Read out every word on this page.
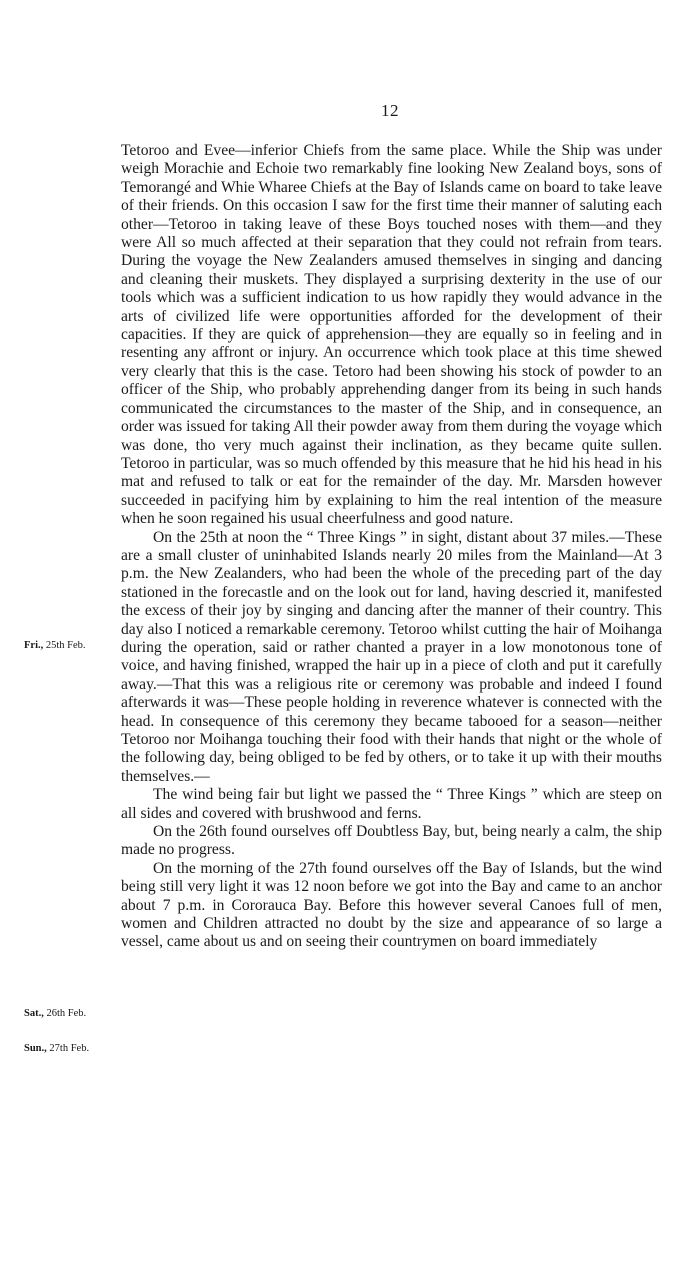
12
Fri., 25th Feb.
Sat., 26th Feb.
Sun., 27th Feb.

Tetoroo and Evee—inferior Chiefs from the same place. While the Ship was under weigh Morachie and Echoie two remarkably fine looking New Zealand boys, sons of Temorangé and Whie Wharee Chiefs at the Bay of Islands came on board to take leave of their friends. On this occasion I saw for the first time their manner of saluting each other—Tetoroo in taking leave of these Boys touched noses with them—and they were All so much affected at their separation that they could not refrain from tears. During the voyage the New Zealanders amused themselves in singing and dancing and cleaning their muskets. They displayed a surprising dexterity in the use of our tools which was a sufficient indication to us how rapidly they would advance in the arts of civilized life were opportunities afforded for the development of their capacities. If they are quick of apprehension—they are equally so in feeling and in resenting any affront or injury. An occurrence which took place at this time shewed very clearly that this is the case. Tetoro had been showing his stock of powder to an officer of the Ship, who probably apprehending danger from its being in such hands communicated the circumstances to the master of the Ship, and in consequence, an order was issued for taking All their powder away from them during the voyage which was done, tho very much against their inclination, as they became quite sullen. Tetoroo in particular, was so much offended by this measure that he hid his head in his mat and refused to talk or eat for the remainder of the day. Mr. Marsden however succeeded in pacifying him by explaining to him the real intention of the measure when he soon regained his usual cheerfulness and good nature.

On the 25th at noon the “ Three Kings ” in sight, distant about 37 miles.—These are a small cluster of uninhabited Islands nearly 20 miles from the Mainland—At 3 p.m. the New Zealanders, who had been the whole of the preceding part of the day stationed in the forecastle and on the look out for land, having descried it, manifested the excess of their joy by singing and dancing after the manner of their country. This day also I noticed a remarkable ceremony. Tetoroo whilst cutting the hair of Moihanga during the operation, said or rather chanted a prayer in a low monotonous tone of voice, and having finished, wrapped the hair up in a piece of cloth and put it carefully away.—That this was a religious rite or ceremony was probable and indeed I found afterwards it was—These people holding in reverence whatever is connected with the head. In consequence of this ceremony they became tabooed for a season—neither Tetoroo nor Moihanga touching their food with their hands that night or the whole of the following day, being obliged to be fed by others, or to take it up with their mouths themselves.—

The wind being fair but light we passed the “ Three Kings ” which are steep on all sides and covered with brushwood and ferns.

On the 26th found ourselves off Doubtless Bay, but, being nearly a calm, the ship made no progress.

On the morning of the 27th found ourselves off the Bay of Islands, but the wind being still very light it was 12 noon before we got into the Bay and came to an anchor about 7 p.m. in Cororauca Bay. Before this however several Canoes full of men, women and Children attracted no doubt by the size and appearance of so large a vessel, came about us and on seeing their countrymen on board immediately
